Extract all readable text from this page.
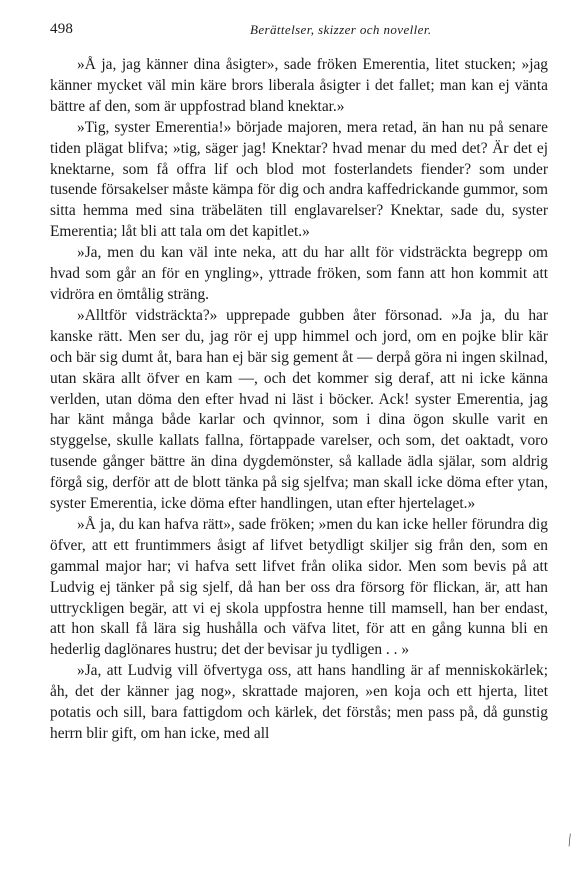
498	Berättelser, skizzer och noveller.

»Å ja, jag känner dina åsigter», sade fröken Emerentia, litet stucken; »jag känner mycket väl min käre brors liberala åsigter i det fallet; man kan ej vänta bättre af den, som är uppfostrad bland knektar.»

»Tig, syster Emerentia!» började majoren, mera retad, än han nu på senare tiden plägat blifva; »tig, säger jag! Knektar? hvad menar du med det? Är det ej knektarne, som få offra lif och blod mot fosterlandets fiender? som under tusende försakelser måste kämpa för dig och andra kaffedrickande gummor, som sitta hemma med sina träbeläten till englavarelser? Knektar, sade du, syster Emerentia; låt bli att tala om det kapitlet.»

»Ja, men du kan väl inte neka, att du har allt för vidsträckta begrepp om hvad som går an för en yngling», yttrade fröken, som fann att hon kommit att vidröra en ömtålig sträng.

»Alltför vidsträckta?» upprepade gubben åter försonad. »Ja ja, du har kanske rätt. Men ser du, jag rör ej upp himmel och jord, om en pojke blir kär och bär sig dumt åt, bara han ej bär sig gement åt — derpå göra ni ingen skilnad, utan skära allt öfver en kam —, och det kommer sig deraf, att ni icke känna verlden, utan döma den efter hvad ni läst i böcker. Ack! syster Emerentia, jag har känt många både karlar och qvinnor, som i dina ögon skulle varit en styggelse, skulle kallats fallna, förtappade varelser, och som, det oaktadt, voro tusende gånger bättre än dina dygdemönster, så kallade ädla själar, som aldrig förgå sig, derför att de blott tänka på sig sjelfva; man skall icke döma efter ytan, syster Emerentia, icke döma efter handlingen, utan efter hjertelaget.»

»Å ja, du kan hafva rätt», sade fröken; »men du kan icke heller förundra dig öfver, att ett fruntimmers åsigt af lifvet betydligt skiljer sig från den, som en gammal major har; vi hafva sett lifvet från olika sidor. Men som bevis på att Ludvig ej tänker på sig sjelf, då han ber oss dra försorg för flickan, är, att han uttryckligen begär, att vi ej skola uppfostra henne till mamsell, han ber endast, att hon skall få lära sig hushålla och väfva litet, för att en gång kunna bli en hederlig daglönares hustru; det der bevisar ju tydligen . . »

»Ja, att Ludvig vill öfvertyga oss, att hans handling är af menniskokärlek; åh, det der känner jag nog», skrattade majoren, »en koja och ett hjerta, litet potatis och sill, bara fattigdom och kärlek, det förstås; men pass på, då gunstig herrn blir gift, om han icke, med all

⁄
